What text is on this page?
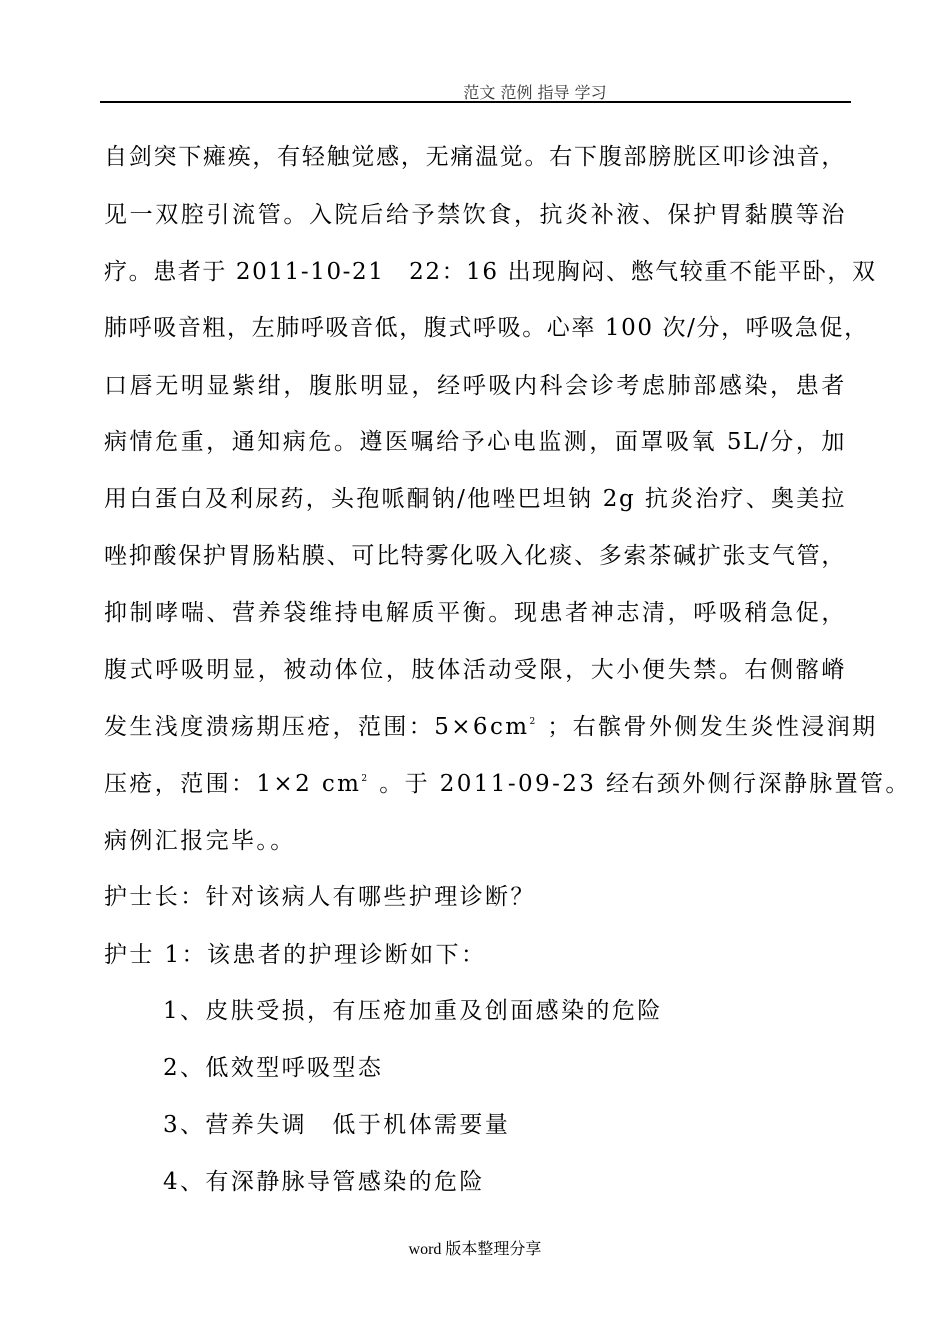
范文 范例 指导 学习
自剑突下瘫痪，有轻触觉感，无痛温觉。右下腹部膀胱区叩诊浊音，
见一双腔引流管。入院后给予禁饮食，抗炎补液、保护胃黏膜等治
疗。患者于 2011-10-21　22：16 出现胸闷、憋气较重不能平卧，双
肺呼吸音粗，左肺呼吸音低，腹式呼吸。心率 100 次/分，呼吸急促，
口唇无明显紫绀，腹胀明显，经呼吸内科会诊考虑肺部感染，患者
病情危重，通知病危。遵医嘱给予心电监测，面罩吸氧 5L/分，加
用白蛋白及利尿药，头孢哌酮钠/他唑巴坦钠 2g 抗炎治疗、奥美拉
唑抑酸保护胃肠粘膜、可比特雾化吸入化痰、多索茶碱扩张支气管，
抑制哮喘、营养袋维持电解质平衡。现患者神志清，呼吸稍急促，
腹式呼吸明显，被动体位，肢体活动受限，大小便失禁。右侧髂嵴
发生浅度溃疡期压疮，范围：$5\times 6cm^2$ ；右髌骨外侧发生炎性浸润期
压疮，范围：1×2 $cm^2$ 。于 2011-09-23 经右颈外侧行深静脉置管。
病例汇报完毕。。
护士长：针对该病人有哪些护理诊断？
护士 1：该患者的护理诊断如下：
1、皮肤受损，有压疮加重及创面感染的危险
2、低效型呼吸型态
3、营养失调　低于机体需要量
4、有深静脉导管感染的危险
word 版本整理分享
